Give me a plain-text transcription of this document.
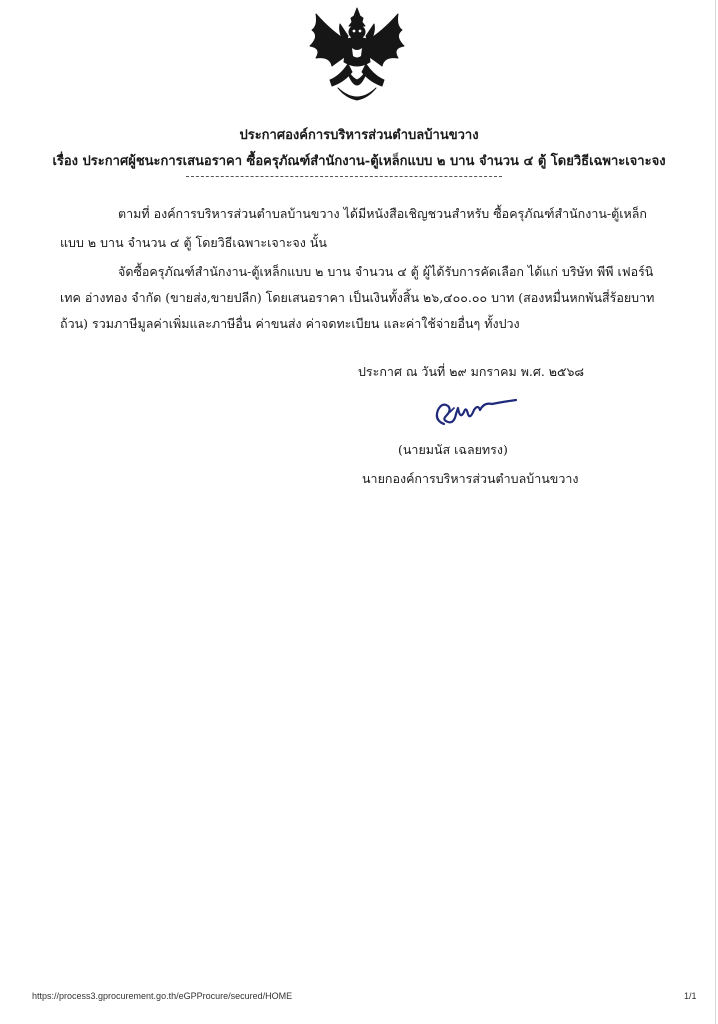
ประกาศองค์การบริหารส่วนตำบลบ้านขวาง
เรื่อง ประกาศผู้ชนะการเสนอราคา ซื้อครุภัณฑ์สำนักงาน-ตู้เหล็กแบบ ๒ บาน จำนวน ๔ ตู้ โดยวิธีเฉพาะเจาะจง
ตามที่ องค์การบริหารส่วนตำบลบ้านขวาง ได้มีหนังสือเชิญชวนสำหรับ ซื้อครุภัณฑ์สำนักงาน-ตู้เหล็ก
แบบ ๒ บาน จำนวน ๔ ตู้ โดยวิธีเฉพาะเจาะจง นั้น
จัดซื้อครุภัณฑ์สำนักงาน-ตู้เหล็กแบบ ๒ บาน จำนวน ๔ ตู้ ผู้ได้รับการคัดเลือก ได้แก่ บริษัท พีพี เฟอร์นิ
เทค อ่างทอง จำกัด (ขายส่ง,ขายปลีก) โดยเสนอราคา เป็นเงินทั้งสิ้น ๒๖,๔๐๐.๐๐ บาท (สองหมื่นหกพันสี่ร้อยบาท
ถ้วน) รวมภาษีมูลค่าเพิ่มและภาษีอื่น ค่าขนส่ง ค่าจดทะเบียน และค่าใช้จ่ายอื่นๆ ทั้งปวง
ประกาศ ณ วันที่ ๒๙ มกราคม พ.ศ. ๒๕๖๘
(นายมนัส เฉลยทรง)
นายกองค์การบริหารส่วนตำบลบ้านขวาง
https://process3.gprocurement.go.th/eGPProcure/secured/HOME	1/1
